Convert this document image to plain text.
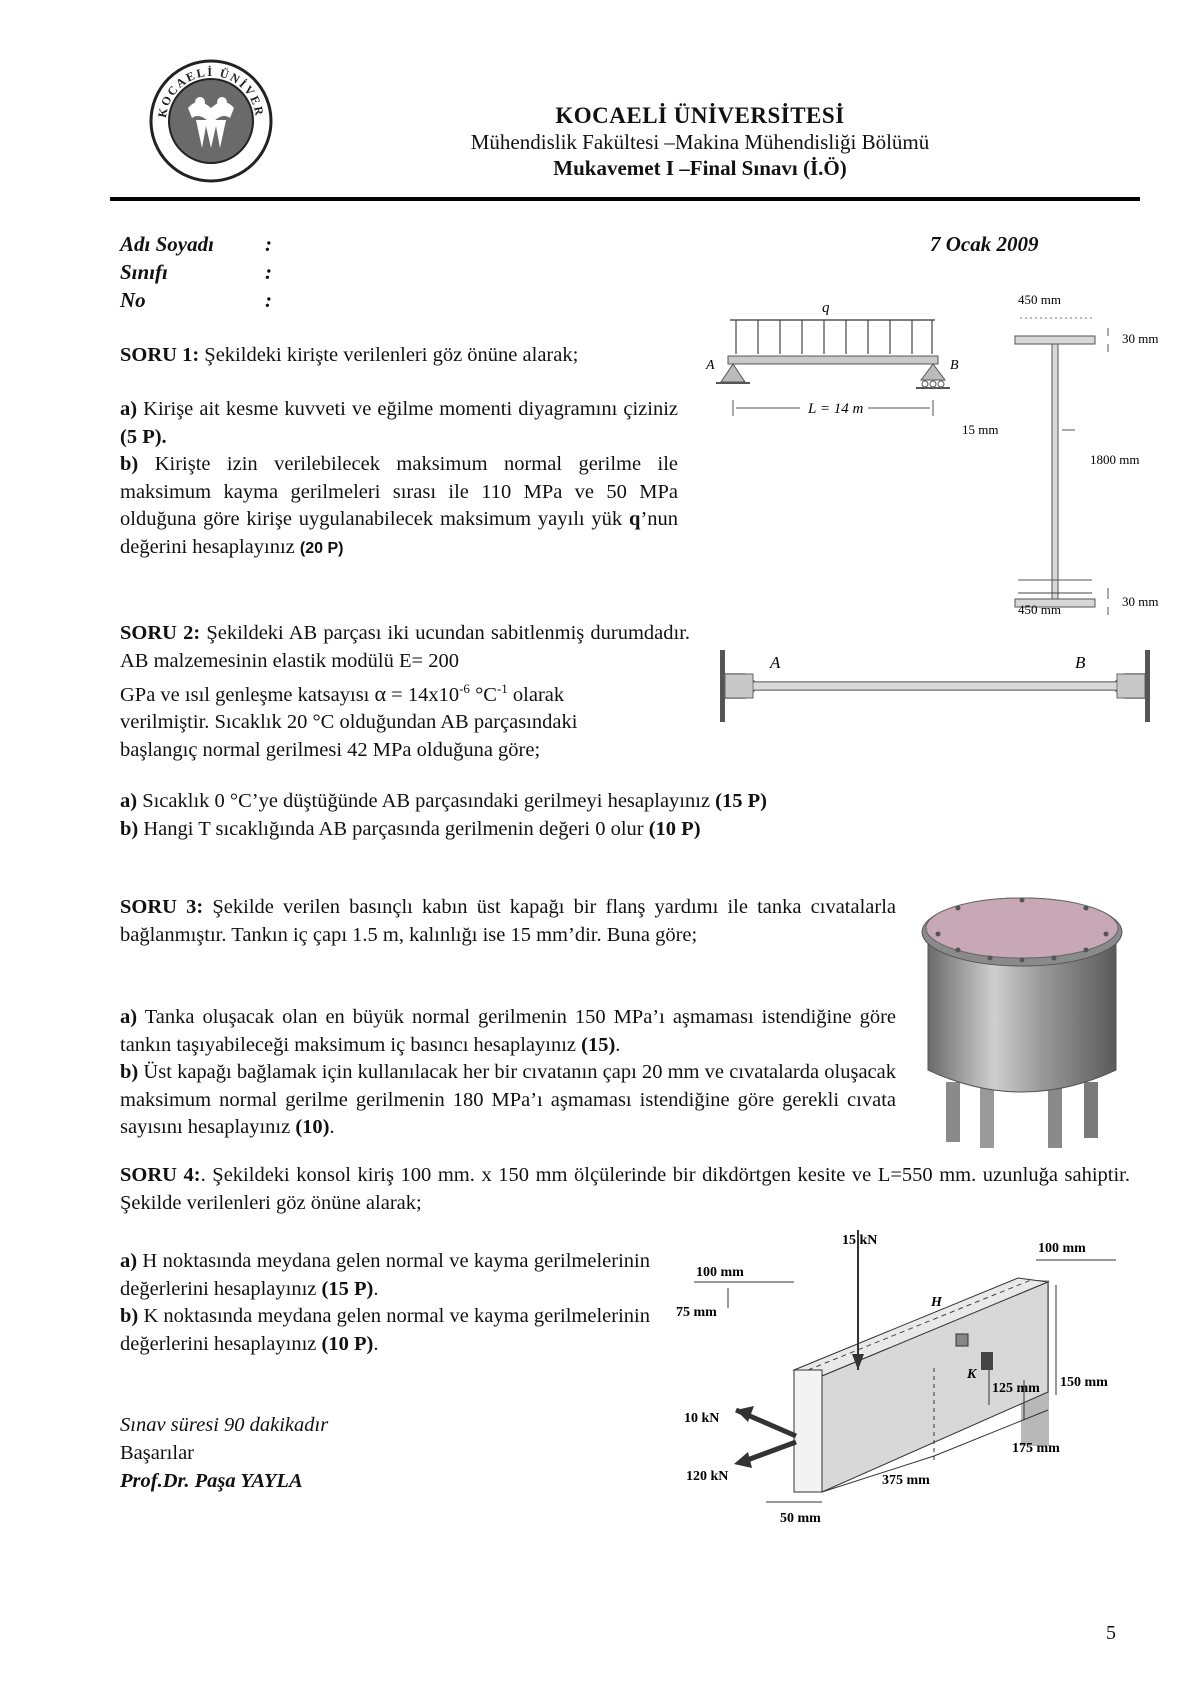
KOCAELİ ÜNİVER	KOCAELİ ÜNİVERSİTESİ
Mühendislik Fakültesi –Makina Mühendisliği Bölümü
Mukavemet I –Final Sınavı (İ.Ö)
Adı Soyadı :
Sınıfı	:
No	:
7 Ocak 2009
SORU 1: Şekildeki kirişte verilenleri göz önüne alarak;
a) Kirişe ait kesme kuvveti ve eğilme momenti diyagramını çiziniz (5 P).
b) Kirişte izin verilebilecek maksimum normal gerilme ile maksimum kayma gerilmeleri sırası ile 110 MPa ve 50 MPa olduğuna göre kirişe uygulanabilecek maksimum yayılı yük q’nun değerini hesaplayınız (20 P)
q
A	B
L = 14 m
450 mm
30 mm
15 mm
1800 mm
30 mm
450 mm
SORU 2: Şekildeki AB parçası iki ucundan sabitlenmiş durumdadır. AB malzemesinin elastik modülü E= 200
GPa ve ısıl genleşme katsayısı $\alpha = 14x10^{-6}$ $^\circ C^{-1}$ olarak
verilmiştir. Sıcaklık 20 °C olduğundan AB parçasındaki
başlangıç normal gerilmesi 42 MPa olduğuna göre;
A	B
a) Sıcaklık 0 °C’ye düştüğünde AB parçasındaki gerilmeyi hesaplayınız (15 P)
b) Hangi T sıcaklığında AB parçasında gerilmenin değeri 0 olur (10 P)
SORU 3: Şekilde verilen basınçlı kabın üst kapağı bir flanş yardımı ile tanka cıvatalarla bağlanmıştır. Tankın iç çapı 1.5 m, kalınlığı ise 15 mm’dir. Buna göre;
a) Tanka oluşacak olan en büyük normal gerilmenin 150 MPa’ı aşmaması istendiğine göre tankın taşıyabileceği maksimum iç basıncı hesaplayınız (15).
b) Üst kapağı bağlamak için kullanılacak her bir cıvatanın çapı 20 mm ve cıvatalarda oluşacak maksimum normal gerilme gerilmenin 180 MPa’ı aşmaması istendiğine göre gerekli cıvata sayısını hesaplayınız (10).
SORU 4:. Şekildeki konsol kiriş 100 mm. x 150 mm ölçülerinde bir dikdörtgen kesite ve L=550 mm. uzunluğa sahiptir. Şekilde verilenleri göz önüne alarak;
a) H noktasında meydana gelen normal ve kayma gerilmelerinin değerlerini hesaplayınız (15 P).
b) K noktasında meydana gelen normal ve kayma gerilmelerinin değerlerini hesaplayınız (10 P).
100 mm
H
15 kN
100 mm
75 mm
K
125 mm 150 mm
10 kN
175 mm
120 kN	375 mm
50 mm
Sınav süresi 90 dakikadır
Başarılar
Prof.Dr. Paşa YAYLA
5
